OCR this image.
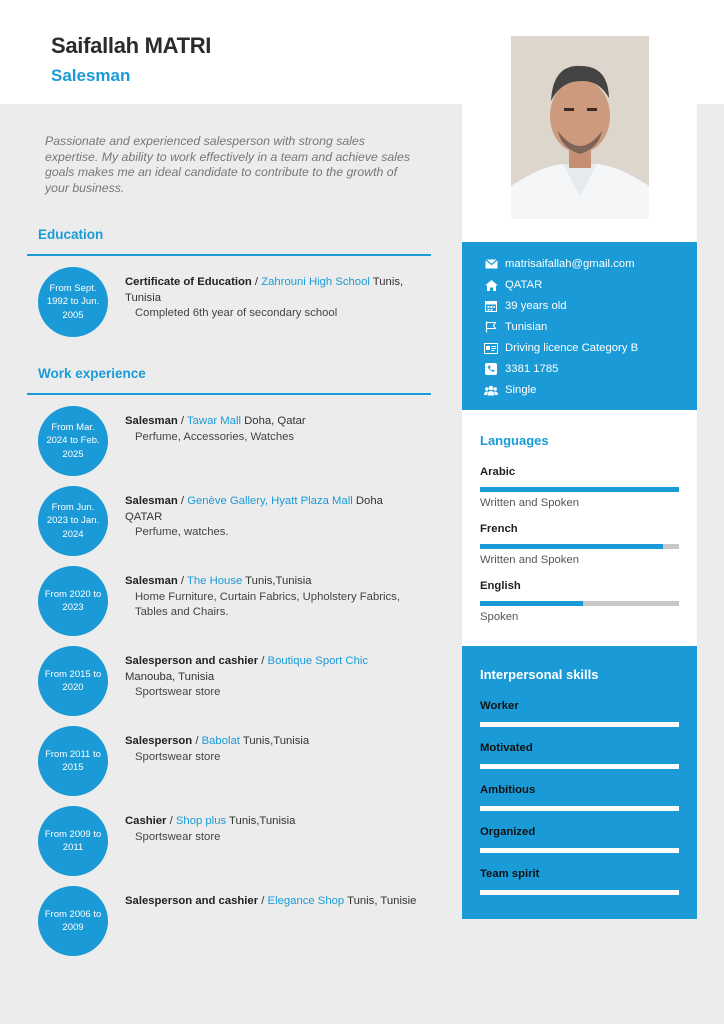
Saifallah MATRI
Salesman
Passionate and experienced salesperson with strong sales expertise. My ability to work effectively in a team and achieve sales goals makes me an ideal candidate to contribute to the growth of your business.
Education
From Sept. 1992 to Jun. 2005
Certificate of Education / Zahrouni High School Tunis, Tunisia
Completed 6th year of secondary school
Work experience
From Mar. 2024 to Feb. 2025
Salesman / Tawar Mall Doha, Qatar
Perfume, Accessories, Watches
From Jun. 2023 to Jan. 2024
Salesman / Genève Gallery, Hyatt Plaza Mall Doha QATAR
Perfume, watches.
From 2020 to 2023
Salesman / The House Tunis,Tunisia
Home Furniture, Curtain Fabrics, Upholstery Fabrics, Tables and Chairs.
From 2015 to 2020
Salesperson and cashier / Boutique Sport Chic Manouba, Tunisia
Sportswear store
From 2011 to 2015
Salesperson / Babolat Tunis,Tunisia
Sportswear store
From 2009 to 2011
Cashier / Shop plus Tunis,Tunisia
Sportswear store
From 2006 to 2009
Salesperson and cashier / Elegance Shop Tunis, Tunisie
matrisaifallah@gmail.com
QATAR
39 years old
Tunisian
Driving licence Category B
3381 1785
Single
Languages
Arabic
Written and Spoken
French
Written and Spoken
English
Spoken
Interpersonal skills
Worker
Motivated
Ambitious
Organized
Team spirit
